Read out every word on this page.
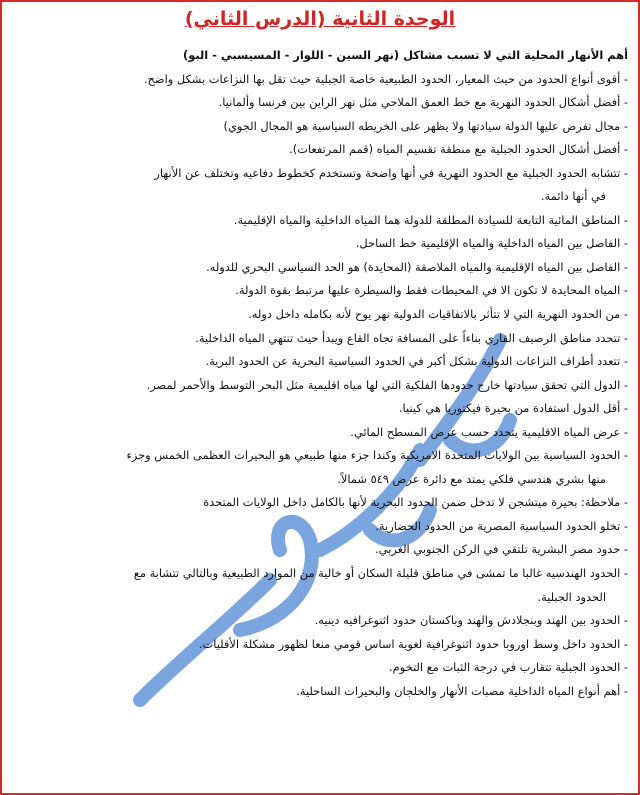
الوحدة الثانية (الدرس الثاني)
أهم الأنهار المحلية التي لا تسبب مشاكل (نهر السين - اللوار - المسيسبي - البو)
- أقوى أنواع الحدود من حيث المعيار، الحدود الطبيعية خاصة الجبلية حيث تقل بها النزاعات بشكل واضح.
- أفضل أشكال الحدود النهرية مع خط العمق الملاحي مثل نهر الراين بين فرنسا وألمانيا.
- مجال تفرض عليها الدولة سيادتها ولا يظهر على الخريطه السياسية هو المجال الجوي)
- أفضل أشكال الحدود الجبلية مع منطقة تقسيم المياه (قمم المرتفعات).
- تتشابه الحدود الجبلية مع الحدود النهرية في أنها واضحة وتستخدم كخطوط دفاعيه وتختلف عن الأنهار
في أنها دائمة.
- المناطق المائية التابعة للسيادة المطلقة للدولة هما المياه الداخلية والمياه الإقليمية.
- الفاصل بين المياه الداخلية والمياه الإقليمية خط الساحل.
- الفاصل بين المياه الإقليمية والمياه الملاصقة (المحايدة) هو الحد السياسي البحري للدوله.
- المياه المحايدة لا تكون الا في المحيطات فقط والسيطرة عليها مرتبط بقوة الدولة.
- من الحدود النهرية التي لا تتأثر بالاتفاقيات الدولية نهر يوح لأنه بكامله داخل دوله.
- تتحدد مناطق الرصيف القاري بناءاً على المسافة تجاه القاع ويبدأ حيث تنتهي المياه الداخلية.
- تتعدد أطراف النزاعات الدولية بشكل أكبر في الحدود السياسية البحرية عن الحدود البرية.
- الدول التي تحقق سيادتها خارج حدودها الفلكية التي لها مياه اقليمية مثل البحر التوسط والأحمر لمصر.
- أقل الدول استفادة من بحيرة فيكتوريا هي كينيا.
- عرض المياه الاقليمية يتحدد حسب عرض المسطح المائي.
- الحدود السياسية بين الولايات المتحدة الامريكية وكندا جزء منها طبيعي هو البحيرات العظمى الخمس وجزء
منها بشري هندسي فلكي يمتد مع دائرة عرض ٥٤٩ شمالاً.
- ملاحظة: بحيرة ميتشجن لا تدخل ضمن الحدود البحرية لأنها بالكامل داخل الولايات المتحدة
- تخلو الحدود السياسية المصرية من الحدود الحضارية.
- حدود مصر البشرية تلتقي في الركن الجنوبي الغربي.
- الحدود الهندسيه غالبا ما تمشى في مناطق قليلة السكان أو خالية من الموارد الطبيعية وبالتالي تتشابة مع
الحدود الجبلية.
- الحدود بين الهند وبنجلادش والهند وباكستان حدود اثنوغرافيه دينيه.
- الحدود داخل وسط اوروبا حدود اثنوغرافية لغوية اساس قومي منعا لظهور مشكلة الأقليات.
- الحدود الجبلية تتقارب في درجة الثبات مع التخوم.
- أهم أنواع المياه الداخلية مصبات الأنهار والخلجان والبحيرات الساحلية.
